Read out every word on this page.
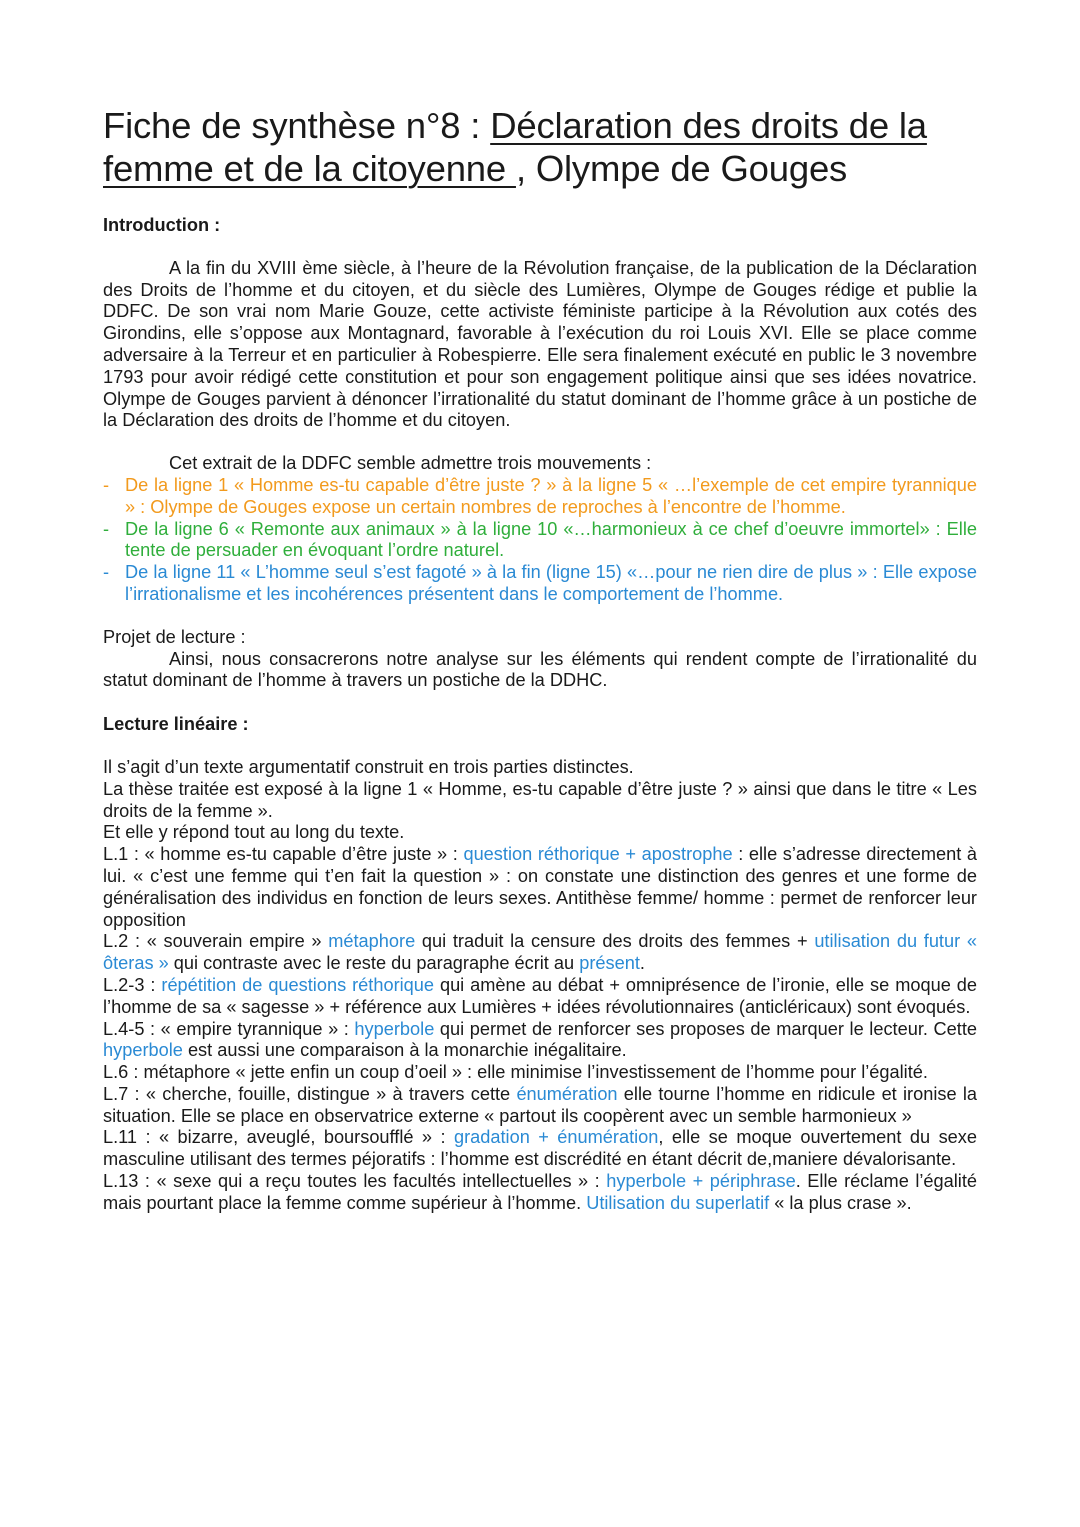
Fiche de synthèse n°8 : Déclaration des droits de la femme et de la citoyenne , Olympe de Gouges

Introduction :

A la fin du XVIII ème siècle, à l’heure de la Révolution française, de la publication de la Déclaration des Droits de l’homme et du citoyen, et du siècle des Lumières, Olympe de Gouges rédige et publie la DDFC. De son vrai nom Marie Gouze, cette activiste féministe participe à la Révolution aux cotés des Girondins, elle s’oppose aux Montagnard, favorable à l’exécution du roi Louis XVI. Elle se place comme adversaire à la Terreur et en particulier à Robespierre. Elle sera finalement exécuté en public le 3 novembre 1793 pour avoir rédigé cette constitution et pour son engagement politique ainsi que ses idées novatrice. Olympe de Gouges parvient à dénoncer l’irrationalité du statut dominant de l’homme grâce à un postiche de la Déclaration des droits de l’homme et du citoyen.

Cet extrait de la DDFC semble admettre trois mouvements :

- De la ligne 1 « Homme es-tu capable d’être juste ? » à la ligne 5 « …l’exemple de cet empire tyrannique » : Olympe de Gouges expose un certain nombres de reproches à l’encontre de l’homme.
- De la ligne 6 « Remonte aux animaux » à la ligne 10 «…harmonieux à ce chef d’oeuvre immortel» : Elle tente de persuader en évoquant l’ordre naturel.
- De la ligne 11 « L’homme seul s’est fagoté » à la fin (ligne 15) «…pour ne rien dire de plus » : Elle expose l’irrationalisme et les incohérences présentent dans le comportement de l’homme.

Projet de lecture :

Ainsi, nous consacrerons notre analyse sur les éléments qui rendent compte de l’irrationalité du statut dominant de l’homme à travers un postiche de la DDHC.

Lecture linéaire :

Il s’agit d’un texte argumentatif construit en trois parties distinctes.

La thèse traitée est exposé à la ligne 1 « Homme, es-tu capable d’être juste ? » ainsi que dans le titre « Les droits de la femme ».

Et elle y répond tout au long du texte.

L.1 : « homme es-tu capable d’être juste » : question réthorique + apostrophe : elle s’adresse directement à lui. « c’est une femme qui t’en fait la question » : on constate une distinction des genres et une forme de généralisation des individus en fonction de leurs sexes. Antithèse femme/ homme : permet de renforcer leur opposition

L.2 : « souverain empire » métaphore qui traduit la censure des droits des femmes + utilisation du futur « ôteras » qui contraste avec le reste du paragraphe écrit au présent.

L.2-3 : répétition de questions réthorique qui amène au débat + omniprésence de l’ironie, elle se moque de l’homme de sa « sagesse » + référence aux Lumières + idées révolutionnaires (anticléricaux) sont évoqués.

L.4-5 : « empire tyrannique » : hyperbole qui permet de renforcer ses proposes de marquer le lecteur. Cette hyperbole est aussi une comparaison à la monarchie inégalitaire.

L.6 : métaphore « jette enfin un coup d’oeil » : elle minimise l’investissement de l’homme pour l’égalité.

L.7 : « cherche, fouille, distingue » à travers cette énumération elle tourne l’homme en ridicule et ironise la situation. Elle se place en observatrice externe « partout ils coopèrent avec un semble harmonieux »

L.11 : « bizarre, aveuglé, boursoufflé » : gradation + énumération, elle se moque ouvertement du sexe masculine utilisant des termes péjoratifs : l’homme est discrédité en étant décrit de,maniere dévalorisante.

L.13 : « sexe qui a reçu toutes les facultés intellectuelles » : hyperbole + périphrase. Elle réclame l’égalité mais pourtant place la femme comme supérieur à l’homme. Utilisation du superlatif « la plus crase ».
